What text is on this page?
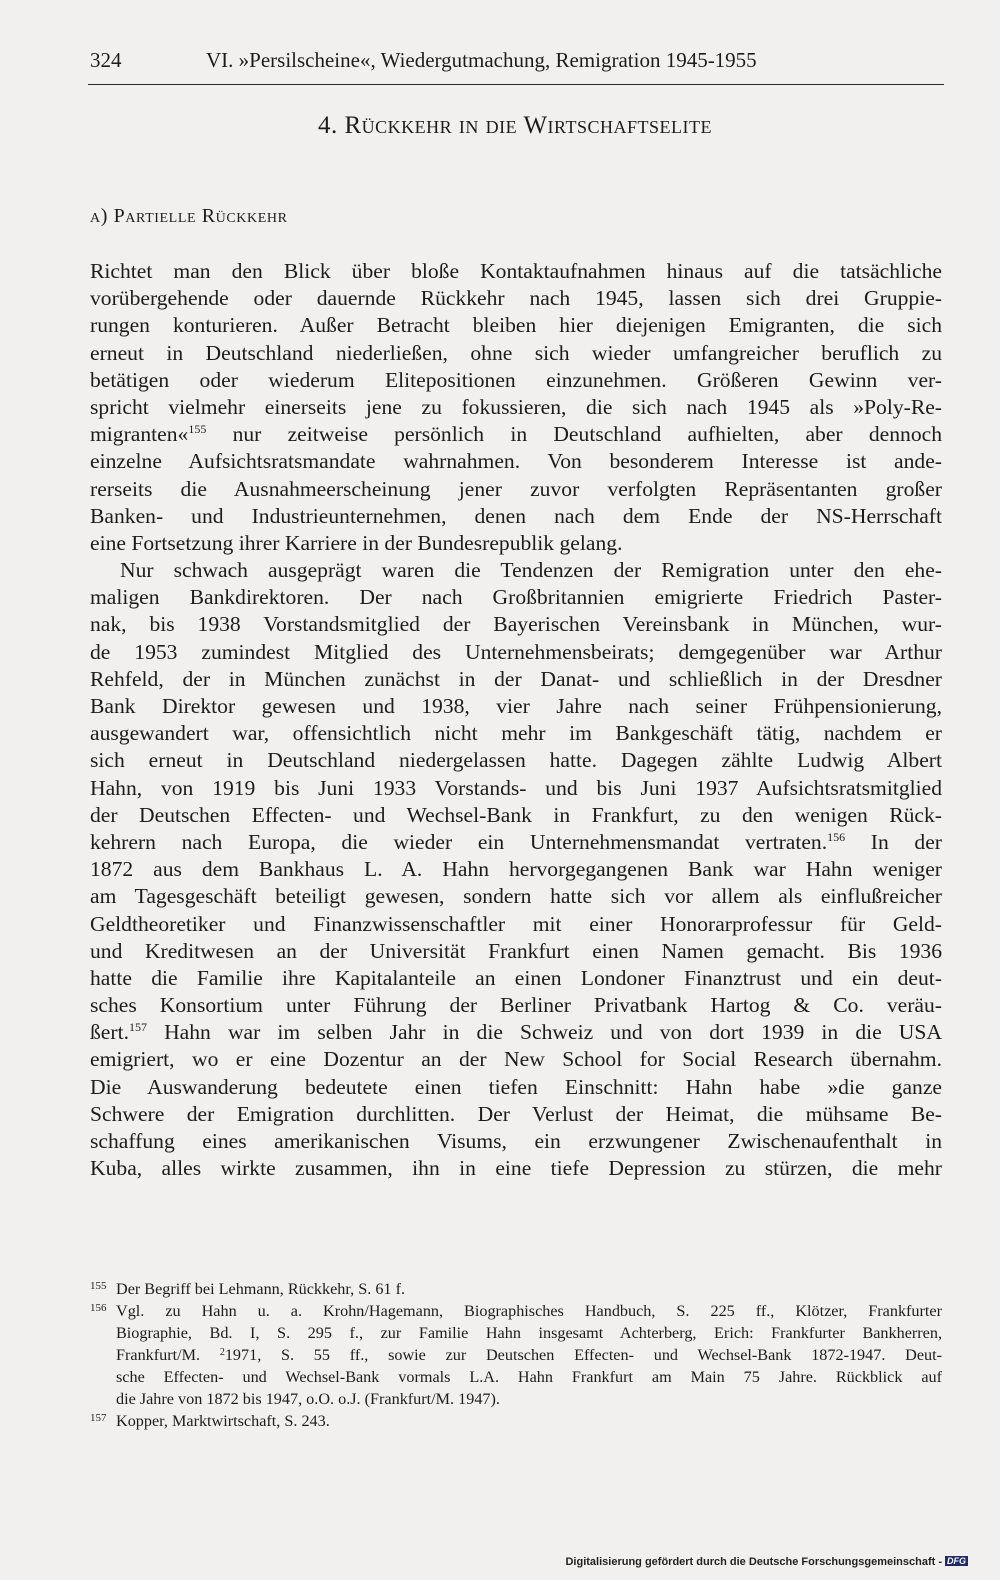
324	VI. »Persilscheine«, Wiedergutmachung, Remigration 1945-1955
4. Rückkehr in die Wirtschaftselite
a) Partielle Rückkehr
Richtet man den Blick über bloße Kontaktaufnahmen hinaus auf die tatsächliche
vorübergehende oder dauernde Rückkehr nach 1945, lassen sich drei Gruppie-
rungen konturieren. Außer Betracht bleiben hier diejenigen Emigranten, die sich
erneut in Deutschland niederließen, ohne sich wieder umfangreicher beruflich zu
betätigen oder wiederum Elitepositionen einzunehmen. Größeren Gewinn ver-
spricht vielmehr einerseits jene zu fokussieren, die sich nach 1945 als »Poly-Re-
migranten«$^{155}$ nur zeitweise persönlich in Deutschland aufhielten, aber dennoch
einzelne Aufsichtsratsmandate wahrnahmen. Von besonderem Interesse ist ande-
rerseits die Ausnahmeerscheinung jener zuvor verfolgten Repräsentanten großer
Banken- und Industrieunternehmen, denen nach dem Ende der NS-Herrschaft
eine Fortsetzung ihrer Karriere in der Bundesrepublik gelang.
Nur schwach ausgeprägt waren die Tendenzen der Remigration unter den ehe-
maligen Bankdirektoren. Der nach Großbritannien emigrierte Friedrich Paster-
nak, bis 1938 Vorstandsmitglied der Bayerischen Vereinsbank in München, wur-
de 1953 zumindest Mitglied des Unternehmensbeirats; demgegenüber war Arthur
Rehfeld, der in München zunächst in der Danat- und schließlich in der Dresdner
Bank Direktor gewesen und 1938, vier Jahre nach seiner Frühpensionierung,
ausgewandert war, offensichtlich nicht mehr im Bankgeschäft tätig, nachdem er
sich erneut in Deutschland niedergelassen hatte. Dagegen zählte Ludwig Albert
Hahn, von 1919 bis Juni 1933 Vorstands- und bis Juni 1937 Aufsichtsratsmitglied
der Deutschen Effecten- und Wechsel-Bank in Frankfurt, zu den wenigen Rück-
kehrern nach Europa, die wieder ein Unternehmensmandat vertraten.$^{156}$ In der
1872 aus dem Bankhaus L. A. Hahn hervorgegangenen Bank war Hahn weniger
am Tagesgeschäft beteiligt gewesen, sondern hatte sich vor allem als einflußreicher
Geldtheoretiker und Finanzwissenschaftler mit einer Honorarprofessur für Geld-
und Kreditwesen an der Universität Frankfurt einen Namen gemacht. Bis 1936
hatte die Familie ihre Kapitalanteile an einen Londoner Finanztrust und ein deut-
sches Konsortium unter Führung der Berliner Privatbank Hartog & Co. veräu-
ßert.$^{157}$ Hahn war im selben Jahr in die Schweiz und von dort 1939 in die USA
emigriert, wo er eine Dozentur an der New School for Social Research übernahm.
Die Auswanderung bedeutete einen tiefen Einschnitt: Hahn habe »die ganze
Schwere der Emigration durchlitten. Der Verlust der Heimat, die mühsame Be-
schaffung eines amerikanischen Visums, ein erzwungener Zwischenaufenthalt in
Kuba, alles wirkte zusammen, ihn in eine tiefe Depression zu stürzen, die mehr
155 Der Begriff bei Lehmann, Rückkehr, S. 61 f.
156 Vgl. zu Hahn u. a. Krohn/Hagemann, Biographisches Handbuch, S. 225 ff., Klötzer, Frankfurter
Biographie, Bd. I, S. 295 f., zur Familie Hahn insgesamt Achterberg, Erich: Frankfurter Bankherren,
Frankfurt/M. $^2$1971, S. 55 ff., sowie zur Deutschen Effecten- und Wechsel-Bank 1872-1947. Deut-
sche Effecten- und Wechsel-Bank vormals L.A. Hahn Frankfurt am Main 75 Jahre. Rückblick auf
die Jahre von 1872 bis 1947, o.O. o.J. (Frankfurt/M. 1947).
157 Kopper, Marktwirtschaft, S. 243.
Digitalisierung gefördert durch die Deutsche Forschungsgemeinschaft - DFG
